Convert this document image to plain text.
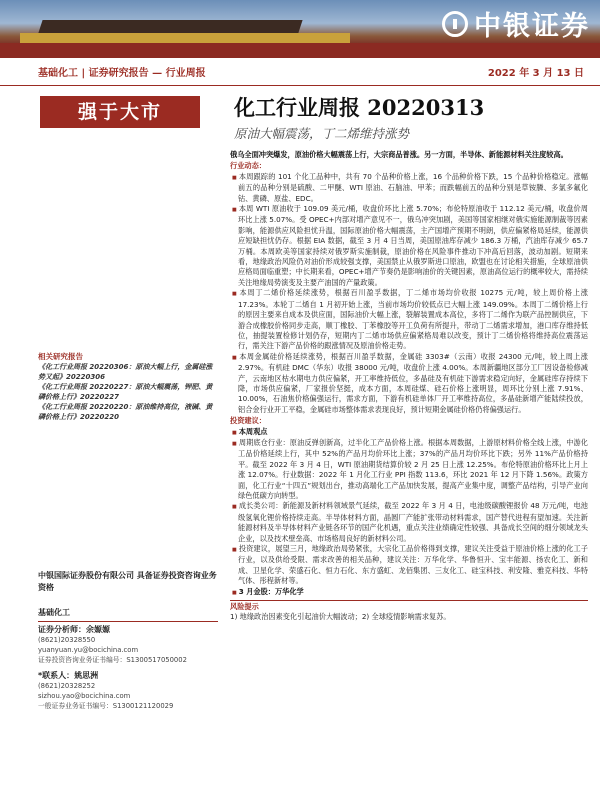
中银证券
基础化工 | 证券研究报告 — 行业周报	2022 年 3 月 13 日
强于大市	化工行业周报 20220313
原油大幅震荡，丁二烯维持涨势

俄乌全面冲突爆发，原油价格大幅震荡上行，大宗商品普涨。另一方面，半导体、新能源材料关注度较高。

行业动态：

■ 本周跟踪的 101 个化工品种中，共有 70 个品种价格上涨，16 个品种价格下跌，15 个品种价格稳定。涨幅前五的品种分别是硫酸、二甲醚、WTI 原油、石脑油、甲苯；而跌幅前五的品种分别是草铵膦、多氯多氟化钴、黄磷、原盐、EDC。

■ 本周 WTI 原油收于 109.09 美元/桶，收盘价环比上涨 5.70%；布伦特原油收于 112.12 美元/桶，收盘价周环比上涨 5.07%。受 OPEC+内部对增产意见不一，俄乌冲突加剧，美国等国家相继对俄实施能源制裁等因素影响，能源供应风险担忧升温，国际原油价格大幅震荡，主产国增产预期不明朗，供应偏紧格局延续，能源供应短缺担忧仍存。根据 EIA 数据，截至 3 月 4 日当周，美国原油库存减少 186.3 万桶，汽油库存减少 65.7 万桶。本周欧美等国家持续对俄罗斯实施制裁，原油价格在风险事件推动下冲高后回落，波动加剧。短期来看，地缘政治风险仍对油价形成较强支撑，美国禁止从俄罗斯进口原油，欧盟也在讨论相关措施，全球原油供应格局面临重塑；中长期来看，OPEC+增产节奏仍是影响油价的关键因素，原油高位运行的概率较大，需持续关注地缘局势演变及主要产油国的产量政策。

■ 本周丁二烯价格延续涨势，根据百川盈孚数据，丁二烯市场均价收报 10275 元/吨，较上周价格上涨 17.23%。本轮丁二烯自 1 月初开始上涨，当前市场均价较低点已大幅上涨 149.09%。本周丁二烯价格上行的原因主要来自成本及供应面，国际油价大幅上涨，裂解装置成本高位，多将丁二烯作为联产品控制供应，下游合成橡胶价格同步走高，顺丁橡胶、丁苯橡胶等开工负荷有所提升，带动丁二烯需求增加，港口库存维持低位，抽提装置检修计划仍存，短期内丁二烯市场供应偏紧格局难以改变，预计丁二烯价格将维持高位震荡运行，需关注下游产品价格的跟涨情况及原油价格走势。

■ 本周金属硅价格延续涨势，根据百川盈孚数据，金属硅 3303#（云南）收报 24300 元/吨，较上周上涨 2.97%。有机硅 DMC（华东）收报 38000 元/吨，收盘价上涨 4.00%。本周新疆地区部分工厂因设备检修减产，云南地区枯水期电力供应偏紧，开工率维持低位，多晶硅及有机硅下游需求稳定向好，金属硅库存持续下降，市场供应偏紧，厂家报价坚挺，成本方面，本周硅煤、硅石价格上涨明显，周环比分别上涨 7.91%、10.00%，石油焦价格偏强运行，需求方面，下游有机硅单体厂开工率维持高位，多晶硅新增产能陆续投放，铝合金行业开工平稳，金属硅市场整体需求表现良好，预计短期金属硅价格仍将偏强运行。

投资建议：

■ 本周观点

■ 周期底仓行业：原油反弹创新高，过半化工产品价格上涨。根据本周数据，上游原材料价格全线上涨，中游化工品价格延续上行，其中 52%的产品月均价环比上涨；37%的产品月均价环比下跌；另外 11%产品价格持平。截至 2022 年 3 月 4 日，WTI 原油期货结算价较 2 月 25 日上涨 12.25%。布伦特原油价格环比上月上涨 12.07%。行业数据：2022 年 1 月化工行业 PPI 指数 113.6，环比 2021 年 12 月下降 1.56%。政策方面，化工行业“十四五”规划出台，推动高端化工产品加快发展，提高产业集中度，调整产品结构，引导产业向绿色低碳方向转型。

■ 成长类公司：新能源及新材料领域景气延续，截至 2022 年 3 月 4 日，电池级碳酸锂报价 48 万元/吨，电池级氢氧化锂价格持续走高。半导体材料方面，晶圆厂产能扩张带动材料需求，国产替代进程有望加速。关注新能源材料及半导体材料产业链各环节的国产化机遇，重点关注业绩确定性较强、具备成长空间的细分领域龙头企业，以及技术壁垒高、市场格局良好的新材料公司。

■ 投资建议，展望三月，地缘政治局势紧张，大宗化工品价格得到支撑，建议关注受益于原油价格上涨的化工子行业，以及供给受限、需求改善的相关品种，建议关注：万华化学、华鲁恒升、宝丰能源、扬农化工、新和成、卫星化学、荣盛石化、恒力石化、东方盛虹、龙佰集团、三友化工、硅宝科技、利安隆、雅克科技、华特气体、彤程新材等。

■ 3 月金股：万华化学

风险提示

1) 地缘政治因素变化引起油价大幅波动；2) 全球疫情影响需求复苏。

相关研究报告
《化工行业周报 20220306：原油大幅上行，金属硅涨势又起》20220306
《化工行业周报 20220227：原油大幅震荡，钾肥、黄磷价格上行》20220227
《化工行业周报 20220220：原油维持高位，液碱、黄磷价格上行》20220220
中银国际证券股份有限公司 具备证券投资咨询业务资格
基础化工
证券分析师：余嫄嫄
(8621)20328550
yuanyuan.yu@bocichina.com
证券投资咨询业务证书编号：S1300517050002
*联系人：姚思洲
(8621)20328252
sizhou.yao@bocichina.com
一般证券业务证书编号：S1300121120029
